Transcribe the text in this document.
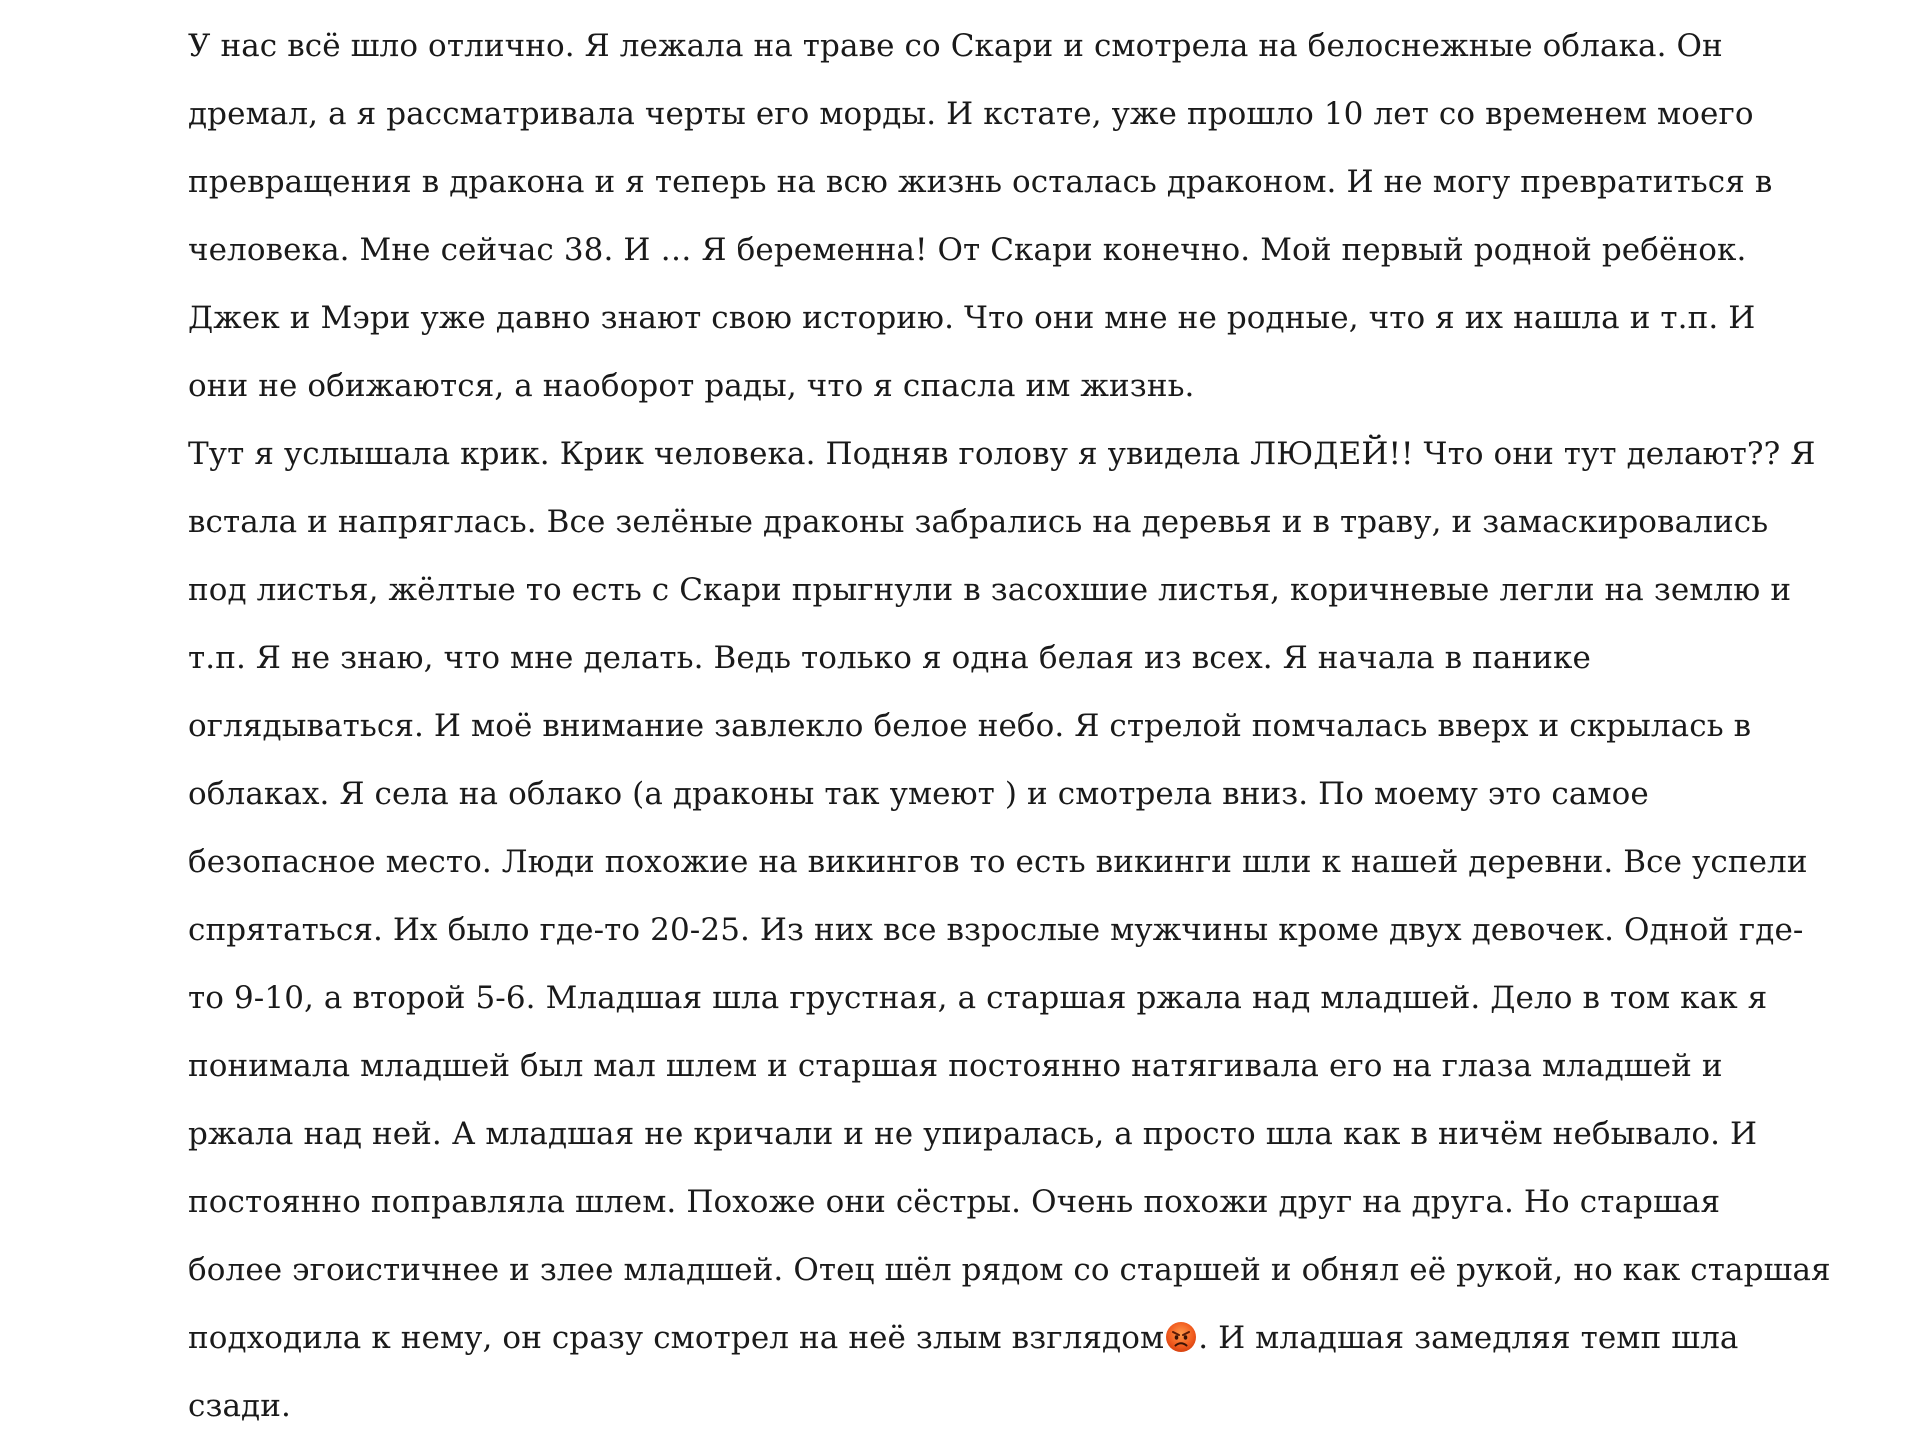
У нас всё шло отлично. Я лежала на траве со Скари и смотрела на белоснежные облака. Он
дремал, а я рассматривала черты его морды. И кстате, уже прошло 10 лет со временем моего
превращения в дракона и я теперь на всю жизнь осталась драконом. И не могу превратиться в
человека. Мне сейчас 38. И … Я беременна! От Скари конечно. Мой первый родной ребёнок.
Джек и Мэри уже давно знают свою историю. Что они мне не родные, что я их нашла и т.п. И
они не обижаются, а наоборот рады, что я спасла им жизнь.
Тут я услышала крик. Крик человека. Подняв голову я увидела ЛЮДЕЙ!! Что они тут делают?? Я
встала и напряглась. Все зелёные драконы забрались на деревья и в траву, и замаскировались
под листья, жёлтые то есть с Скари прыгнули в засохшие листья, коричневые легли на землю и
т.п. Я не знаю, что мне делать. Ведь только я одна белая из всех. Я начала в панике
оглядываться. И моё внимание завлекло белое небо. Я стрелой помчалась вверх и скрылась в
облаках. Я села на облако (а драконы так умеют ) и смотрела вниз. По моему это самое
безопасное место. Люди похожие на викингов то есть викинги шли к нашей деревни. Все успели
спрятаться. Их было где-то 20-25. Из них все взрослые мужчины кроме двух девочек. Одной где-
то 9-10, а второй 5-6. Младшая шла грустная, а старшая ржала над младшей. Дело в том как я
понимала младшей был мал шлем и старшая постоянно натягивала его на глаза младшей и
ржала над ней. А младшая не кричали и не упиралась, а просто шла как в ничём небывало. И
постоянно поправляла шлем. Похоже они сёстры. Очень похожи друг на друга. Но старшая
более эгоистичнее и злее младшей. Отец шёл рядом со старшей и обнял её рукой, но как старшая
подходила к нему, он сразу смотрел на неё злым взглядом . И младшая замедляя темп шла
сзади.
